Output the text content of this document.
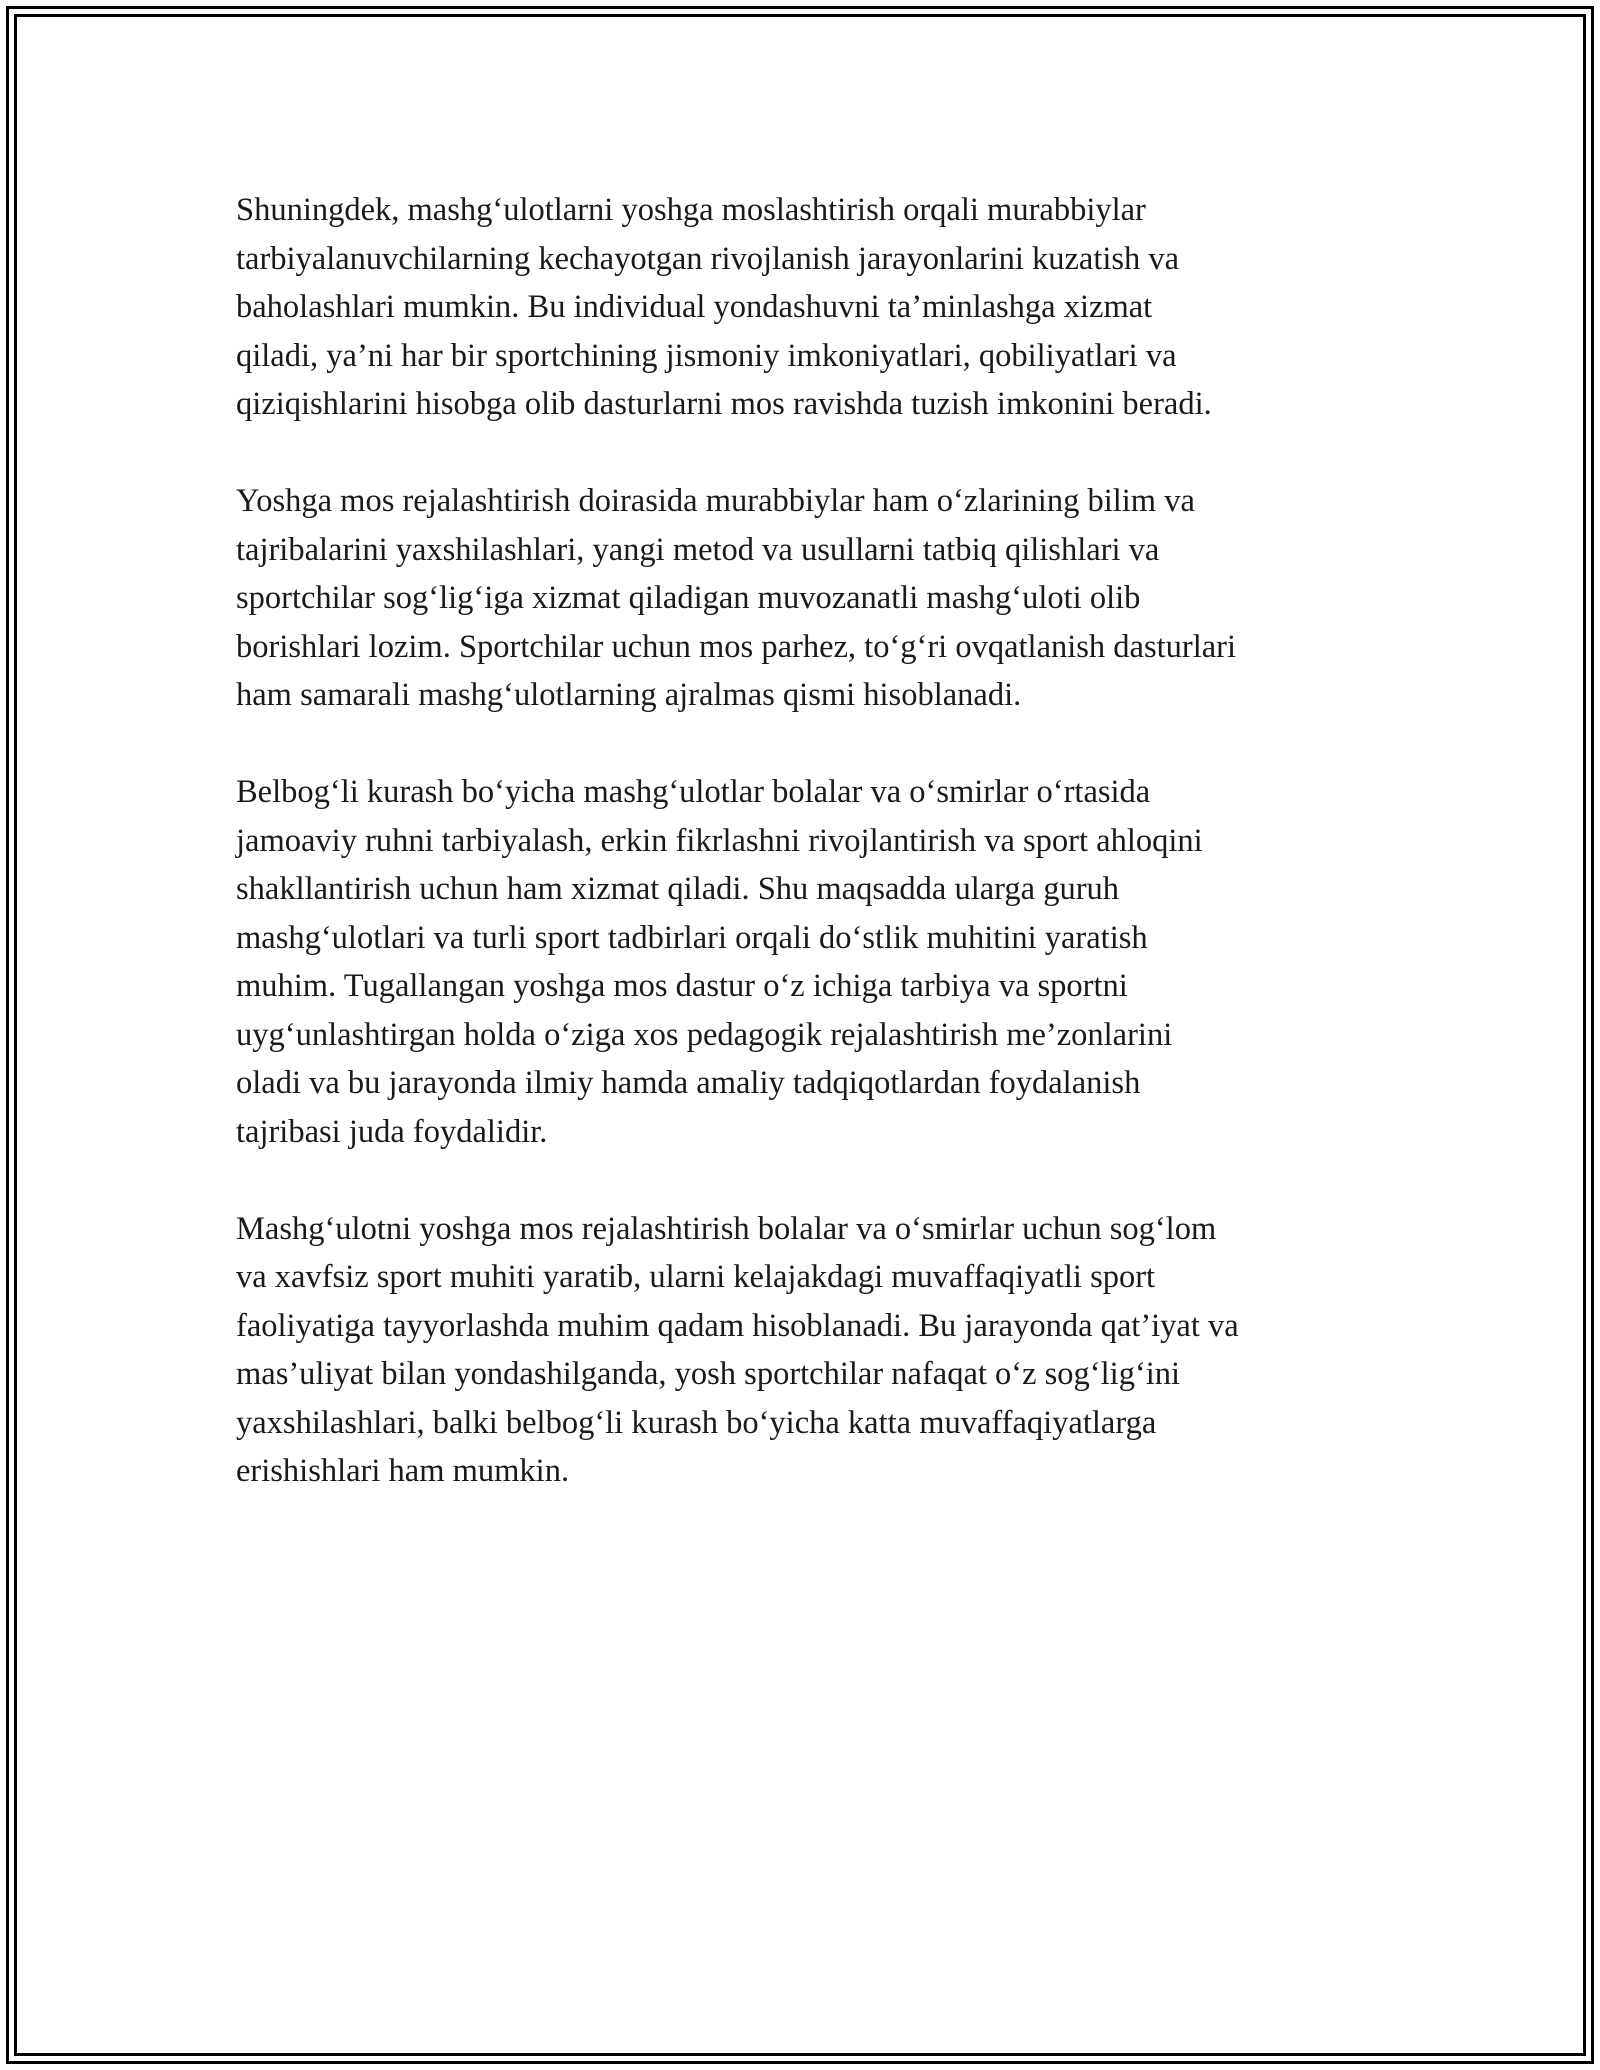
Shuningdek, mashg‘ulotlarni yoshga moslashtirish orqali murabbiylar
tarbiyalanuvchilarning kechayotgan rivojlanish jarayonlarini kuzatish va
baholashlari mumkin. Bu individual yondashuvni ta’minlashga xizmat
qiladi, ya’ni har bir sportchining jismoniy imkoniyatlari, qobiliyatlari va
qiziqishlarini hisobga olib dasturlarni mos ravishda tuzish imkonini beradi.

Yoshga mos rejalashtirish doirasida murabbiylar ham o‘zlarining bilim va
tajribalarini yaxshilashlari, yangi metod va usullarni tatbiq qilishlari va
sportchilar sog‘lig‘iga xizmat qiladigan muvozanatli mashg‘uloti olib
borishlari lozim. Sportchilar uchun mos parhez, to‘g‘ri ovqatlanish dasturlari
ham samarali mashg‘ulotlarning ajralmas qismi hisoblanadi.

Belbog‘li kurash bo‘yicha mashg‘ulotlar bolalar va o‘smirlar o‘rtasida
jamoaviy ruhni tarbiyalash, erkin fikrlashni rivojlantirish va sport ahloqini
shakllantirish uchun ham xizmat qiladi. Shu maqsadda ularga guruh
mashg‘ulotlari va turli sport tadbirlari orqali do‘stlik muhitini yaratish
muhim. Tugallangan yoshga mos dastur o‘z ichiga tarbiya va sportni
uyg‘unlashtirgan holda o‘ziga xos pedagogik rejalashtirish me’zonlarini
oladi va bu jarayonda ilmiy hamda amaliy tadqiqotlardan foydalanish
tajribasi juda foydalidir.

Mashg‘ulotni yoshga mos rejalashtirish bolalar va o‘smirlar uchun sog‘lom
va xavfsiz sport muhiti yaratib, ularni kelajakdagi muvaffaqiyatli sport
faoliyatiga tayyorlashda muhim qadam hisoblanadi. Bu jarayonda qat’iyat va
mas’uliyat bilan yondashilganda, yosh sportchilar nafaqat o‘z sog‘lig‘ini
yaxshilashlari, balki belbog‘li kurash bo‘yicha katta muvaffaqiyatlarga
erishishlari ham mumkin.
